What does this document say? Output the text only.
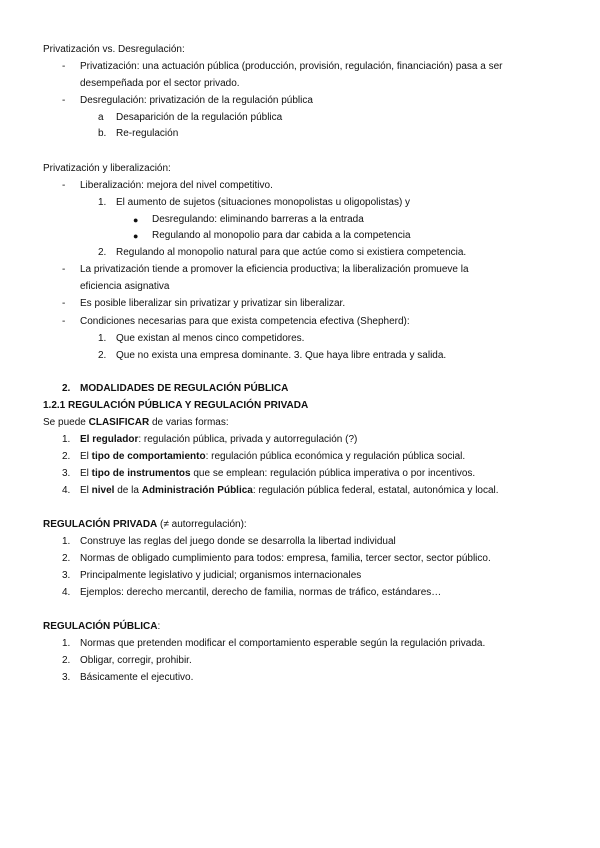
Privatización vs. Desregulación:
- Privatización: una actuación pública (producción, provisión, regulación, financiación) pasa a ser
desempeñada por el sector privado.
- Desregulación: privatización de la regulación pública
a Desaparición de la regulación pública
b. Re-regulación
Privatización y liberalización:
- Liberalización: mejora del nivel competitivo.
1. El aumento de sujetos (situaciones monopolistas u oligopolistas) y
● Desregulando: eliminando barreras a la entrada
● Regulando al monopolio para dar cabida a la competencia
2. Regulando al monopolio natural para que actúe como si existiera competencia.
- La privatización tiende a promover la eficiencia productiva; la liberalización promueve la
eficiencia asignativa
- Es posible liberalizar sin privatizar y privatizar sin liberalizar.
- Condiciones necesarias para que exista competencia efectiva (Shepherd):
1. Que existan al menos cinco competidores.
2. Que no exista una empresa dominante. 3. Que haya libre entrada y salida.
2. MODALIDADES DE REGULACIÓN PÚBLICA
1.2.1 REGULACIÓN PÚBLICA Y REGULACIÓN PRIVADA
Se puede CLASIFICAR de varias formas:
1. El regulador: regulación pública, privada y autorregulación (?)
2. El tipo de comportamiento: regulación pública económica y regulación pública social.
3. El tipo de instrumentos que se emplean: regulación pública imperativa o por incentivos.
4. El nivel de la Administración Pública: regulación pública federal, estatal, autonómica y local.
REGULACIÓN PRIVADA (≠ autorregulación):
1. Construye las reglas del juego donde se desarrolla la libertad individual
2. Normas de obligado cumplimiento para todos: empresa, familia, tercer sector, sector público.
3. Principalmente legislativo y judicial; organismos internacionales
4. Ejemplos: derecho mercantil, derecho de familia, normas de tráfico, estándares…
REGULACIÓN PÚBLICA:
1. Normas que pretenden modificar el comportamiento esperable según la regulación privada.
2. Obligar, corregir, prohibir.
3. Básicamente el ejecutivo.
